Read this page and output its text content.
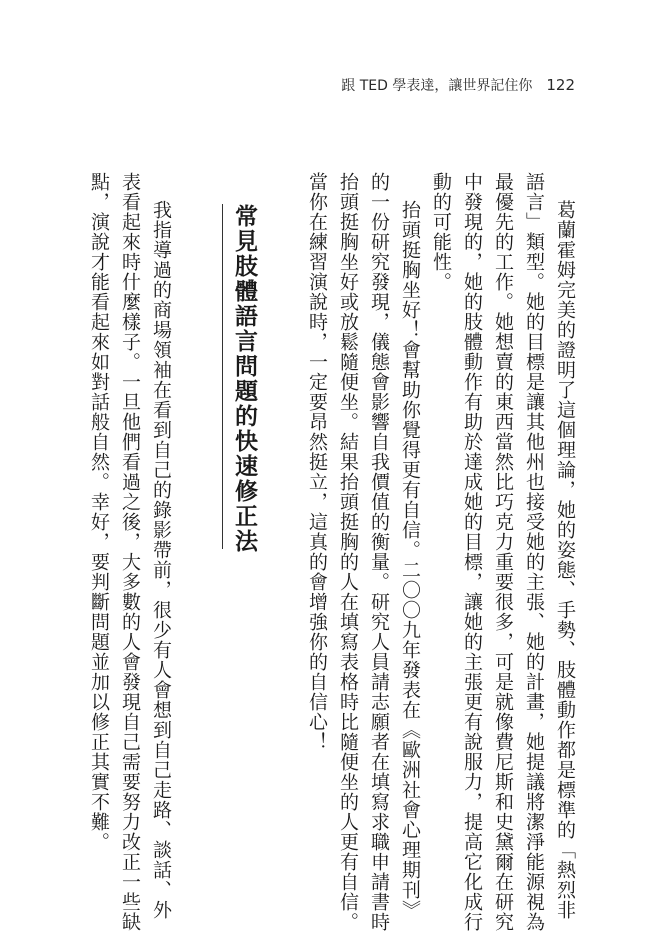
跟 TED 學表達，讓世界記住你 122
葛蘭霍姆完美的證明了這個理論，她的姿態、手勢、肢體動作都是標準的「熱烈非
語言」類型。她的目標是讓其他州也接受她的主張、她的計畫，她提議將潔淨能源視為
最優先的工作。她想賣的東西當然比巧克力重要很多，可是就像費尼斯和史黛爾在研究
中發現的，她的肢體動作有助於達成她的目標，讓她的主張更有說服力，提高它化成行
動的可能性。
抬頭挺胸坐好！會幫助你覺得更有自信。二〇〇九年發表在《歐洲社會心理期刊》
的一份研究發現，儀態會影響自我價值的衡量。研究人員請志願者在填寫求職申請書時
抬頭挺胸坐好或放鬆隨便坐。結果抬頭挺胸的人在填寫表格時比隨便坐的人更有自信。
當你在練習演說時，一定要昂然挺立，這真的會增強你的自信心！
常見肢體語言問題的快速修正法
我指導過的商場領袖在看到自己的錄影帶前，很少有人會想到自己走路、談話、外
表看起來時什麼樣子。一旦他們看過之後，大多數的人會發現自己需要努力改正一些缺
點，演說才能看起來如對話般自然。幸好，要判斷問題並加以修正其實不難。
